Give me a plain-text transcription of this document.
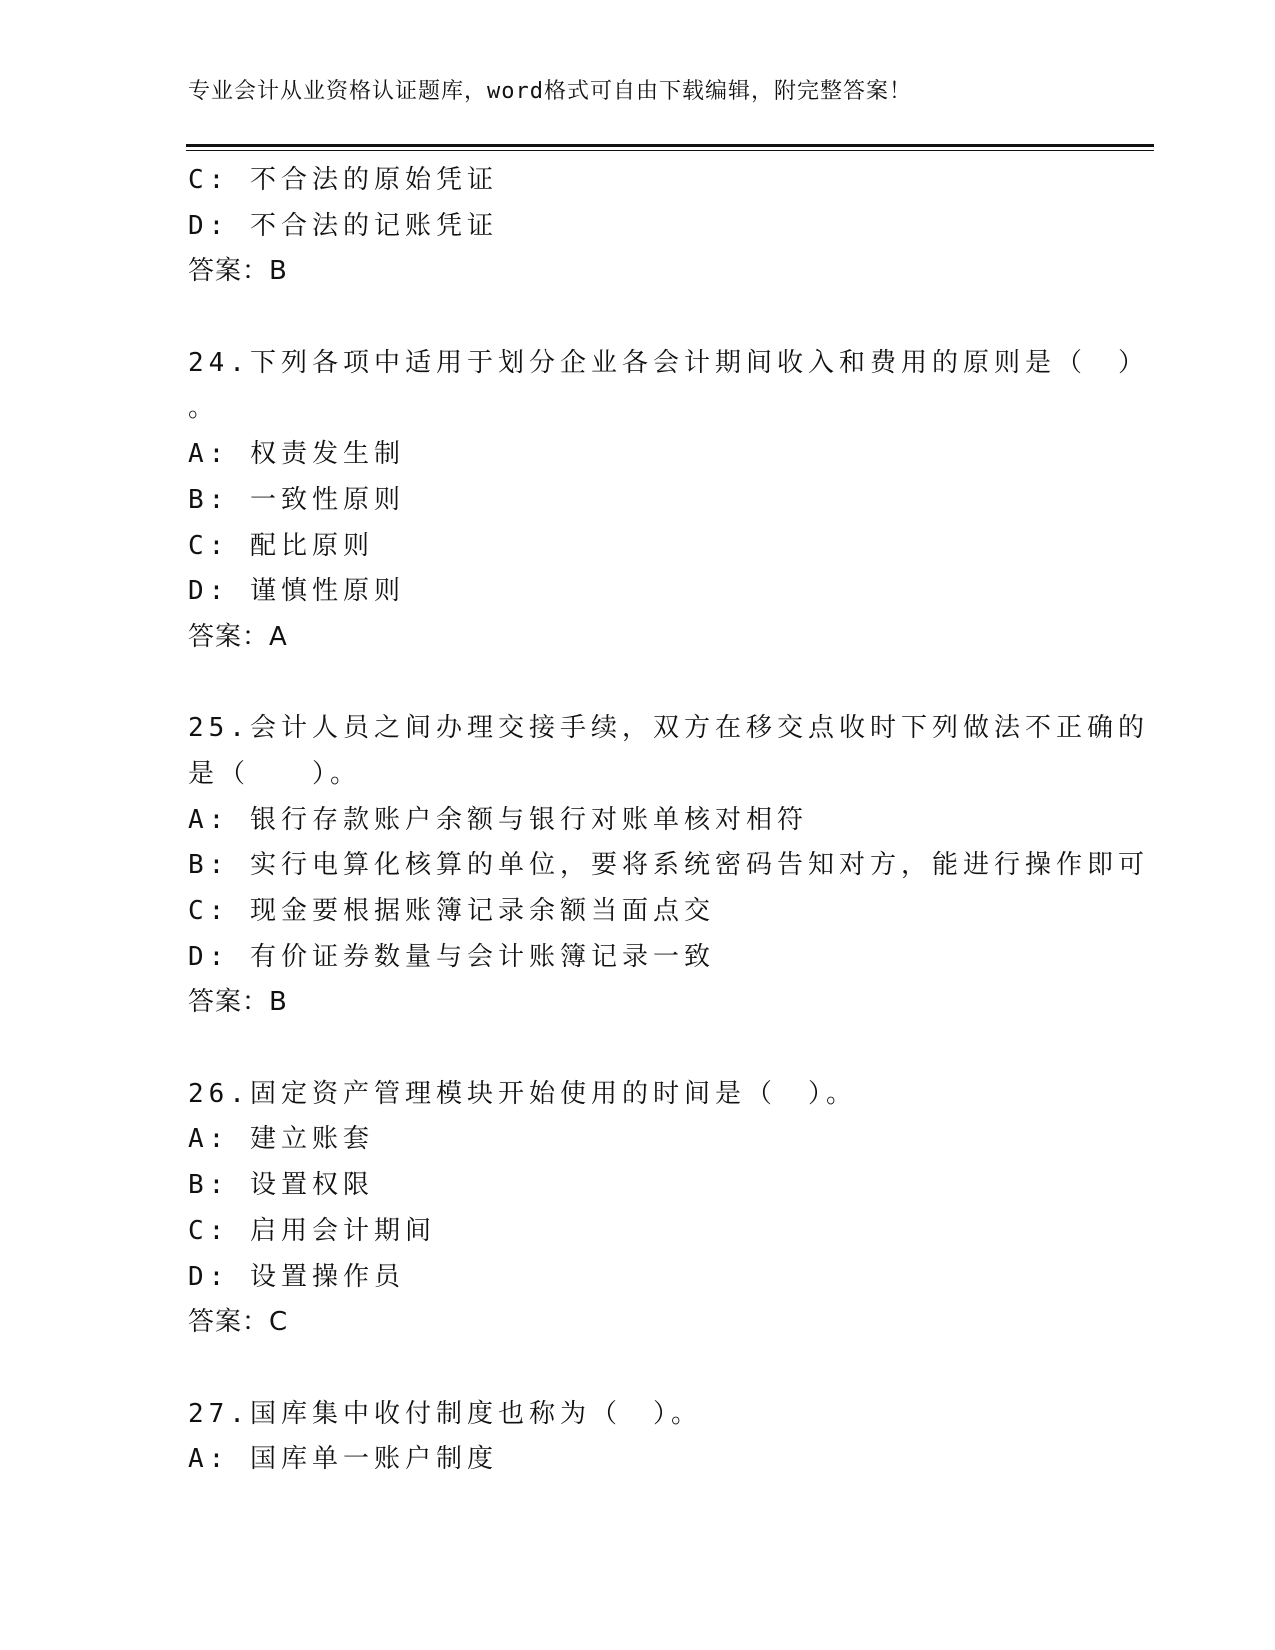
专业会计从业资格认证题库，word格式可自由下载编辑，附完整答案！
C: 不合法的原始凭证
D: 不合法的记账凭证
答案：B
24.下列各项中适用于划分企业各会计期间收入和费用的原则是（　）
。
A: 权责发生制
B: 一致性原则
C: 配比原则
D: 谨慎性原则
答案：A
25.会计人员之间办理交接手续，双方在移交点收时下列做法不正确的
是（　　）。
A: 银行存款账户余额与银行对账单核对相符
B: 实行电算化核算的单位，要将系统密码告知对方，能进行操作即可
C: 现金要根据账簿记录余额当面点交
D: 有价证券数量与会计账簿记录一致
答案：B
26.固定资产管理模块开始使用的时间是（　）。
A: 建立账套
B: 设置权限
C: 启用会计期间
D: 设置操作员
答案：C
27.国库集中收付制度也称为（　）。
A: 国库单一账户制度
